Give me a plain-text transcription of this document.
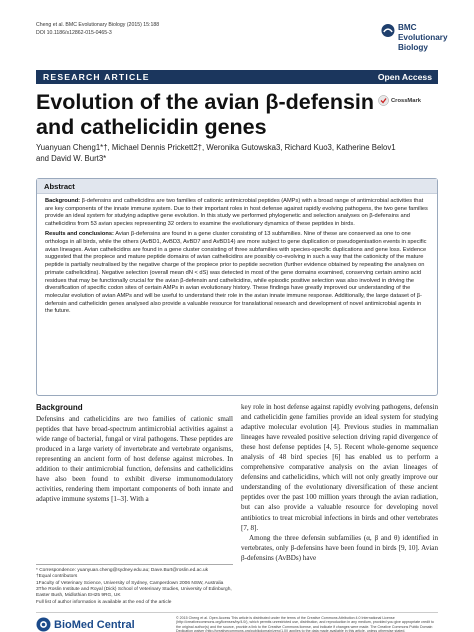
Cheng et al. BMC Evolutionary Biology (2015) 15:188
DOI 10.1186/s12862-015-0465-3
BMC
Evolutionary Biology
RESEARCH ARTICLE	Open Access
Evolution of the avian β-defensin and cathelicidin genes
CrossMark
Yuanyuan Cheng1*†, Michael Dennis Prickett2†, Weronika Gutowska3, Richard Kuo3, Katherine Belov1
and David W. Burt3*
Abstract

Background: β-defensins and cathelicidins are two families of cationic antimicrobial peptides (AMPs) with a broad range of antimicrobial activities that are key components of the innate immune system. Due to their important roles in host defense against rapidly evolving pathogens, the two gene families provide an ideal system for studying adaptive gene evolution. In this study we performed phylogenetic and selection analyses on β-defensins and cathelicidins from 53 avian species representing 32 orders to examine the evolutionary dynamics of these peptides in birds.

Results and conclusions: Avian β-defensins are found in a gene cluster consisting of 13 subfamilies. Nine of these are conserved as one to one orthologs in all birds, while the others (AvBD1, AvBD3, AvBD7 and AvBD14) are more subject to gene duplication or pseudogenisation events in specific avian lineages. Avian cathelicidins are found in a gene cluster consisting of three subfamilies with species-specific duplications and gene loss. Evidence suggested that the propiece and mature peptide domains of avian cathelicidins are possibly co-evolving in such a way that the cationicity of the mature peptide is partially neutralised by the negative charge of the propiece prior to peptide secretion (further evidence obtained by repeating the analyses on primate cathelicidins). Negative selection (overall mean dN < dS) was detected in most of the gene domains examined, conserving certain amino acid residues that may be functionally crucial for the avian β-defensin and cathelicidins, while episodic positive selection was also involved in driving the diversification of specific codon sites of certain AMPs in avian evolutionary history. These findings have greatly improved our understanding of the molecular evolution of avian AMPs and will be useful to understand their role in the avian innate immune response. Additionally, the large dataset of β-defensin and cathelicidin genes analysed also provide a valuable resource for translational research and development of novel antimicrobial agents in the future.

Background

Defensins and cathelicidins are two families of cationic small peptides that have broad-spectrum antimicrobial activities against a wide range of bacterial, fungal or viral pathogens. These peptides are produced in a large variety of invertebrate and vertebrate organisms, representing an ancient form of host defense against microbes. In addition to their antimicrobial function, defensins and cathelicidins have also been found to exhibit diverse immunomodulatory activities, rendering them important components of both innate and adaptive immune systems [1–3]. With a

key role in host defense against rapidly evolving pathogens, defensin and cathelicidin gene families provide an ideal system for studying adaptive molecular evolution [4]. Previous studies in mammalian lineages have revealed positive selection driving rapid divergence of these host defense peptides [4, 5]. Recent whole-genome sequence analysis of 48 bird species [6] has enabled us to perform a comprehensive comparative analysis on the avian lineages of defensins and cathelicidins, which will not only greatly improve our understanding of the evolutionary diversification of these ancient peptides over the past 100 million years through the avian radiation, but can also provide a valuable resource for developing novel antibiotics to treat microbial infections in birds and other vertebrates [7, 8].

Among the three defensin subfamilies (α, β and θ) identified in vertebrates, only β-defensins have been found in birds [9, 10]. Avian β-defensins (AvBDs) have

* Correspondence: yuanyuan.cheng@sydney.edu.au; Dave.Burt@roslin.ed.ac.uk
†Equal contributors
1Faculty of Veterinary Science, University of Sydney, Camperdown 2006 NSW, Australia
3The Roslin Institute and Royal (Dick) School of Veterinary Studies, University of Edinburgh, Easter Bush, Midlothian EH25 9RG, UK
Full list of author information is available at the end of the article
BioMed Central
© 2015 Cheng et al. Open Access This article is distributed under the terms of the Creative Commons Attribution 4.0 International License (http://creativecommons.org/licenses/by/4.0/), which permits unrestricted use, distribution, and reproduction in any medium, provided you give appropriate credit to the original author(s) and the source, provide a link to the Creative Commons license, and indicate if changes were made. The Creative Commons Public Domain Dedication waiver (http://creativecommons.org/publicdomain/zero/1.0/) applies to the data made available in this article, unless otherwise stated.
